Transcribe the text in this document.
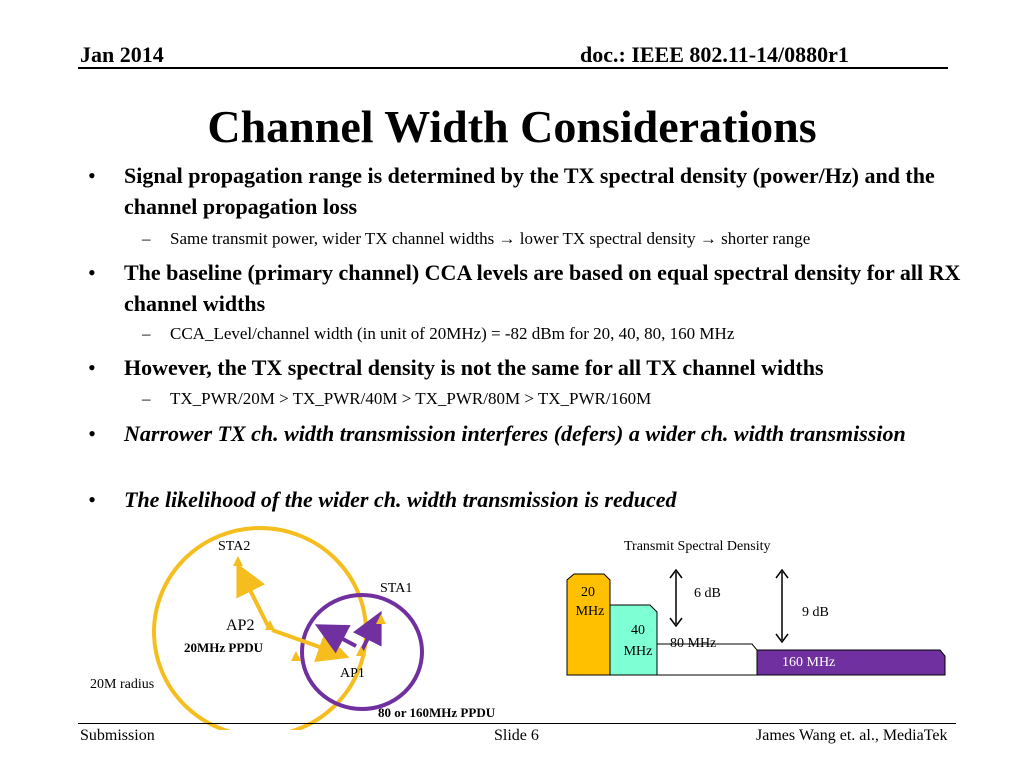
Jan 2014	doc.: IEEE 802.11-14/0880r1
Channel Width Considerations
• Signal propagation range is determined by the TX spectral density (power/Hz) and the channel propagation loss
– Same transmit power, wider TX channel widths → lower TX spectral density → shorter range
• The baseline (primary channel) CCA levels are based on equal spectral density for all RX channel widths
– CCA_Level/channel width (in unit of 20MHz) = -82 dBm for 20, 40, 80, 160 MHz
• However, the TX spectral density is not the same for all TX channel widths
– TX_PWR/20M > TX_PWR/40M > TX_PWR/80M > TX_PWR/160M
• Narrower TX ch. width transmission interferes (defers) a wider ch. width transmission
• The likelihood of the wider ch. width transmission is reduced
STA2
STA1
AP2
AP1
20MHz PPDU
20M radius
80 or 160MHz PPDU
Transmit Spectral Density
20
MHz
40
MHz
80 MHz
160 MHz
6 dB
9 dB
Submission	Slide 6	James Wang et. al., MediaTek
